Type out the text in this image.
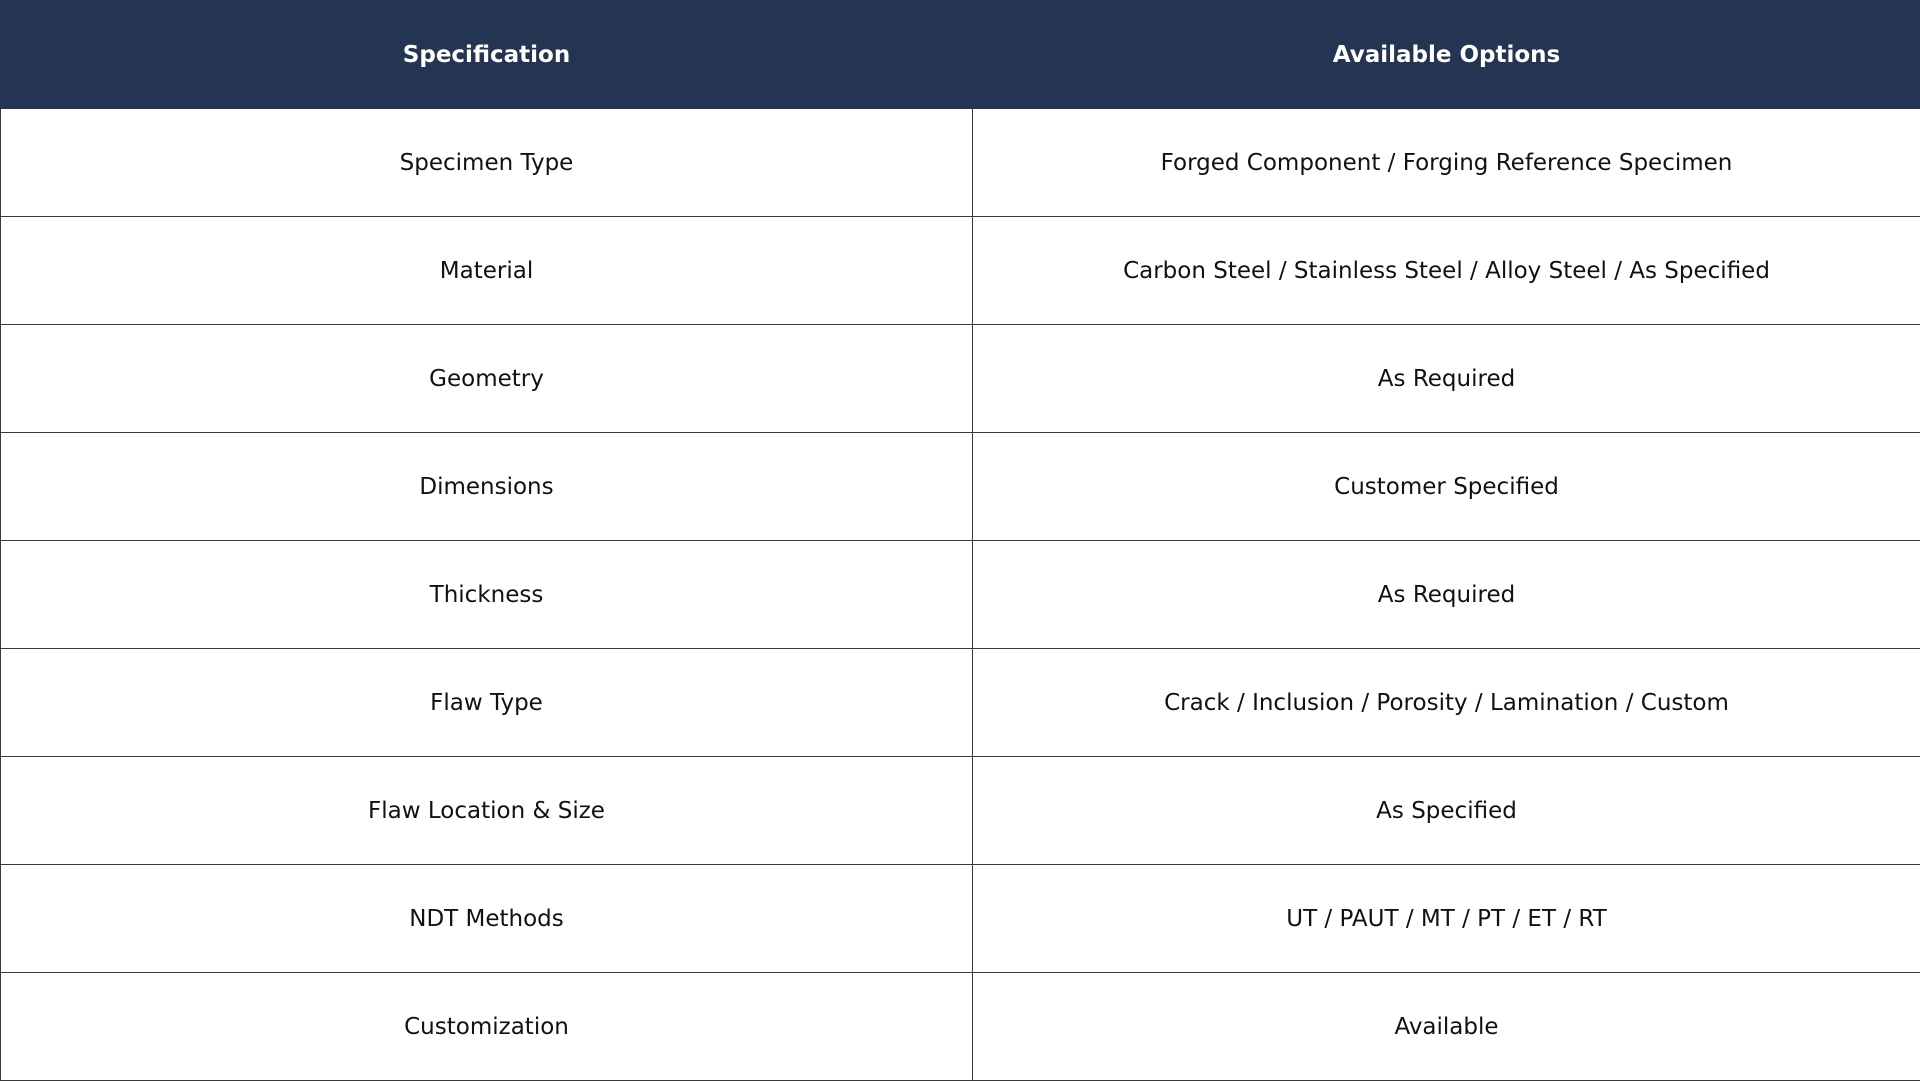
Specification	Available Options
Specimen Type	Forged Component / Forging Reference Specimen
Material	Carbon Steel / Stainless Steel / Alloy Steel / As Specified
Geometry	As Required
Dimensions	Customer Specified
Thickness	As Required
Flaw Type	Crack / Inclusion / Porosity / Lamination / Custom
Flaw Location & Size	As Specified
NDT Methods	UT / PAUT / MT / PT / ET / RT
Customization	Available
